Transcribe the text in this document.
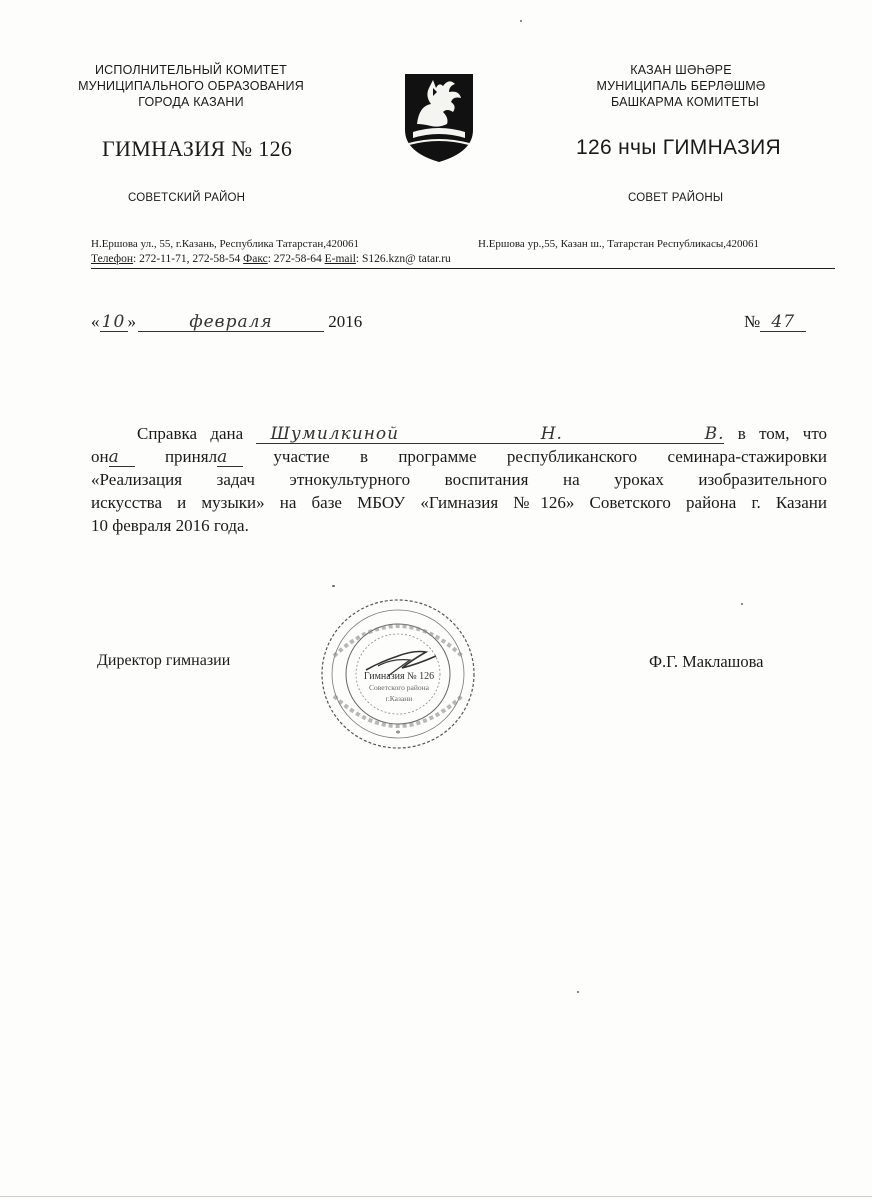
ИСПОЛНИТЕЛЬНЫЙ КОМИТЕТ
МУНИЦИПАЛЬНОГО ОБРАЗОВАНИЯ
ГОРОДА КАЗАНИ
КАЗАН ШӘҺӘРЕ
МУНИЦИПАЛЬ БЕРЛӘШМӘ
БАШКАРМА КОМИТЕТЫ
ГИМНАЗИЯ № 126	126 нчы ГИМНАЗИЯ
СОВЕТСКИЙ РАЙОН	СОВЕТ РАЙОНЫ
Н.Ершова ул., 55, г.Казань, Республика Татарстан,420061	Н.Ершова ур.,55, Казан ш., Татарстан Республикасы,420061
Телефон: 272-11-71, 272-58-54 Факс: 272-58-64 E-mail: S126.kzn@ tatar.ru
« 10 »	февраля	2016	№ 47
Справка дана Шумилкиной Н. В. в том, что
она	приняла	участие в программе республиканского семинара-стажировки
«Реализация задач этнокультурного воспитания на уроках изобразительного
искусства и музыки» на базе МБОУ «Гимназия №126» Советского района г. Казани
10 февраля 2016 года.
*
Гимназия № 126
Советского района
г.Казани
Директор гимназии	Ф.Г. Маклашова
